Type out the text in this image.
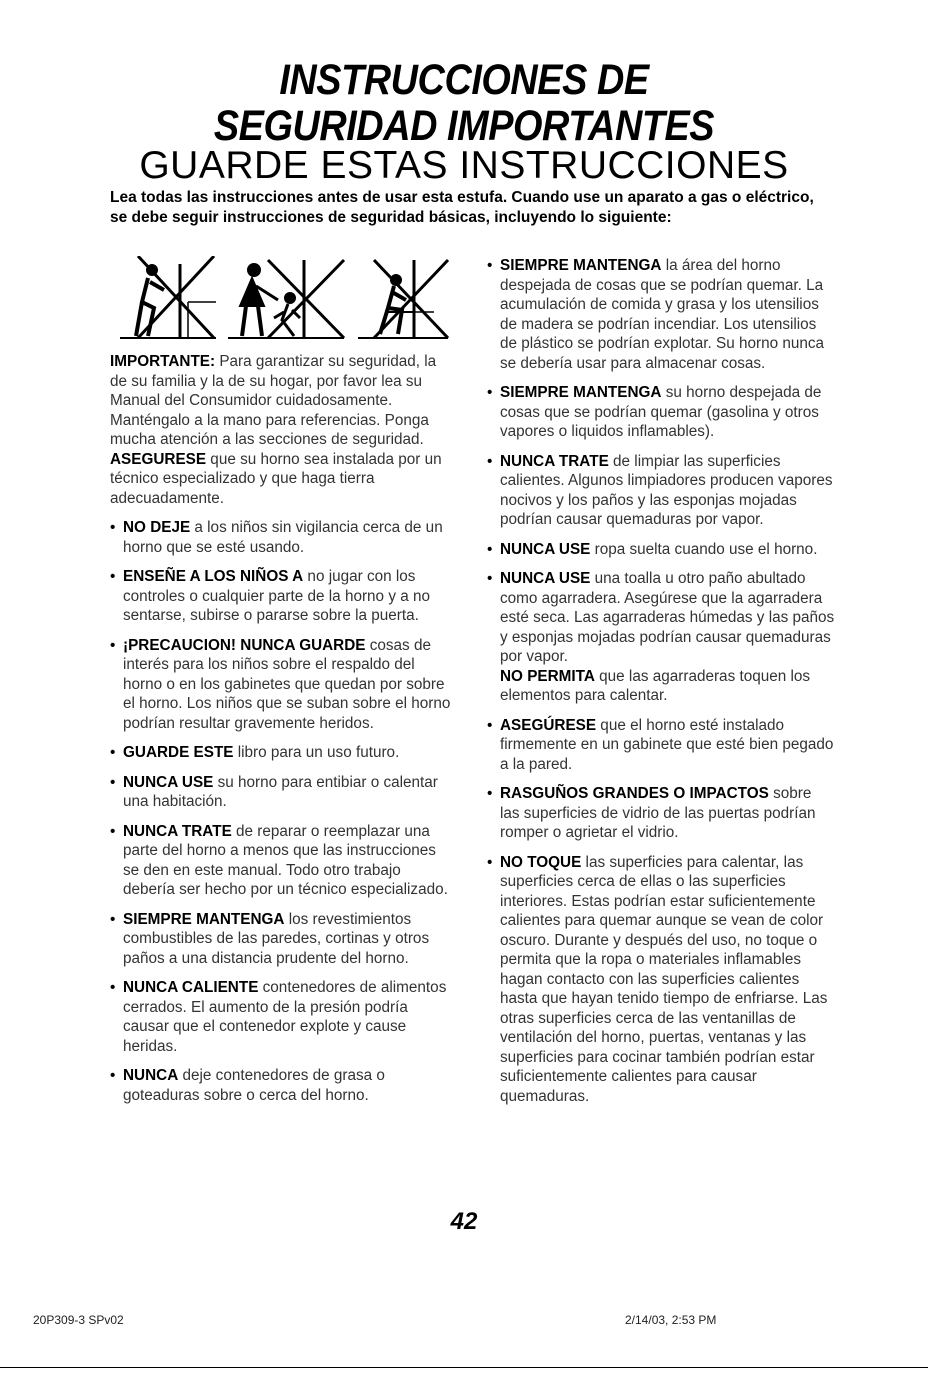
INSTRUCCIONES DE
SEGURIDAD IMPORTANTES
GUARDE ESTAS INSTRUCCIONES
Lea todas las instrucciones antes de usar esta estufa. Cuando use un aparato a gas o eléctrico, se debe seguir instrucciones de seguridad básicas, incluyendo lo siguiente:

IMPORTANTE: Para garantizar su seguridad, la de su familia y la de su hogar, por favor lea su Manual del Consumidor cuidadosamente. Manténgalo a la mano para referencias. Ponga mucha atención a las secciones de seguridad. ASEGURESE que su horno sea instalada por un técnico especializado y que haga tierra adecuadamente.

• NO DEJE a los niños sin vigilancia cerca de un horno que se esté usando.
• ENSEÑE A LOS NIÑOS A no jugar con los controles o cualquier parte de la horno y a no sentarse, subirse o pararse sobre la puerta.
• ¡PRECAUCION! NUNCA GUARDE cosas de interés para los niños sobre el respaldo del horno o en los gabinetes que quedan por sobre el horno. Los niños que se suban sobre el horno podrían resultar gravemente heridos.
• GUARDE ESTE libro para un uso futuro.
• NUNCA USE su horno para entibiar o calentar una habitación.
• NUNCA TRATE de reparar o reemplazar una parte del horno a menos que las instrucciones se den en este manual. Todo otro trabajo debería ser hecho por un técnico especializado.
• SIEMPRE MANTENGA los revestimientos combustibles de las paredes, cortinas y otros paños a una distancia prudente del horno.
• NUNCA CALIENTE contenedores de alimentos cerrados. El aumento de la presión podría causar que el contenedor explote y cause heridas.
• NUNCA deje contenedores de grasa o goteaduras sobre o cerca del horno.
• SIEMPRE MANTENGA la área del horno despejada de cosas que se podrían quemar. La acumulación de comida y grasa y los utensilios de madera se podrían incendiar. Los utensilios de plástico se podrían explotar. Su horno nunca se debería usar para almacenar cosas.
• SIEMPRE MANTENGA su horno despejada de cosas que se podrían quemar (gasolina y otros vapores o liquidos inflamables).
• NUNCA TRATE de limpiar las superficies calientes. Algunos limpiadores producen vapores nocivos y los paños y las esponjas mojadas podrían causar quemaduras por vapor.
• NUNCA USE ropa suelta cuando use el horno.
• NUNCA USE una toalla u otro paño abultado como agarradera. Asegúrese que la agarradera esté seca. Las agarraderas húmedas y las paños y esponjas mojadas podrían causar quemaduras por vapor.
NO PERMITA que las agarraderas toquen los elementos para calentar.
• ASEGÚRESE que el horno esté instalado firmemente en un gabinete que esté bien pegado a la pared.
• RASGUÑOS GRANDES O IMPACTOS sobre las superficies de vidrio de las puertas podrían romper o agrietar el vidrio.
• NO TOQUE las superficies para calentar, las superficies cerca de ellas o las superficies interiores. Estas podrían estar suficientemente calientes para quemar aunque se vean de color oscuro. Durante y después del uso, no toque o permita que la ropa o materiales inflamables hagan contacto con las superficies calientes hasta que hayan tenido tiempo de enfriarse. Las otras superficies cerca de las ventanillas de ventilación del horno, puertas, ventanas y las superficies para cocinar también podrían estar suficientemente calientes para causar quemaduras.
42
20P309-3 SPv02	2/14/03, 2:53 PM
